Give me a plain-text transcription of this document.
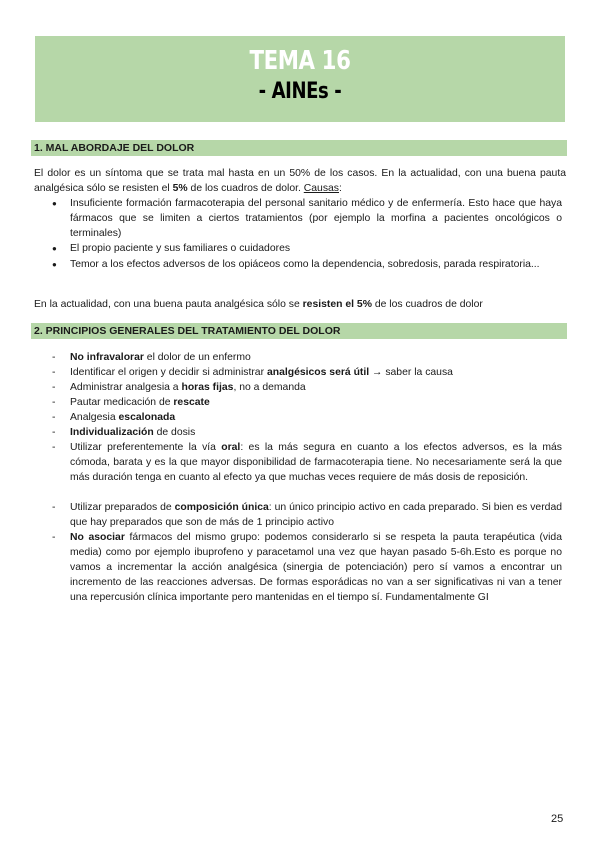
TEMA 16
- AINEs -
1. MAL ABORDAJE DEL DOLOR
El dolor es un síntoma que se trata mal hasta en un 50% de los casos. En la actualidad, con una buena pauta analgésica sólo se resisten el 5% de los cuadros de dolor. Causas:
● Insuficiente formación farmacoterapia del personal sanitario médico y de enfermería. Esto hace que haya fármacos que se limiten a ciertos tratamientos (por ejemplo la morfina a pacientes oncológicos o terminales)
● El propio paciente y sus familiares o cuidadores
● Temor a los efectos adversos de los opiáceos como la dependencia, sobredosis, parada respiratoria...
En la actualidad, con una buena pauta analgésica sólo se resisten el 5% de los cuadros de dolor
2. PRINCIPIOS GENERALES DEL TRATAMIENTO DEL DOLOR
- No infravalorar el dolor de un enfermo
- Identificar el origen y decidir si administrar analgésicos será útil → saber la causa
- Administrar analgesia a horas fijas, no a demanda
- Pautar medicación de rescate
- Analgesia escalonada
- Individualización de dosis
- Utilizar preferentemente la vía oral: es la más segura en cuanto a los efectos adversos, es la más cómoda, barata y es la que mayor disponibilidad de farmacoterapia tiene. No necesariamente será la que más duración tenga en cuanto al efecto ya que muchas veces requiere de más dosis de reposición.
- Utilizar preparados de composición única: un único principio activo en cada preparado. Si bien es verdad que hay preparados que son de más de 1 principio activo
- No asociar fármacos del mismo grupo: podemos considerarlo si se respeta la pauta terapéutica (vida media) como por ejemplo ibuprofeno y paracetamol una vez que hayan pasado 5-6h.Esto es porque no vamos a incrementar la acción analgésica (sinergia de potenciación) pero sí vamos a encontrar un incremento de las reacciones adversas. De formas esporádicas no van a ser significativas ni van a tener una repercusión clínica importante pero mantenidas en el tiempo sí. Fundamentalmente GI
25
